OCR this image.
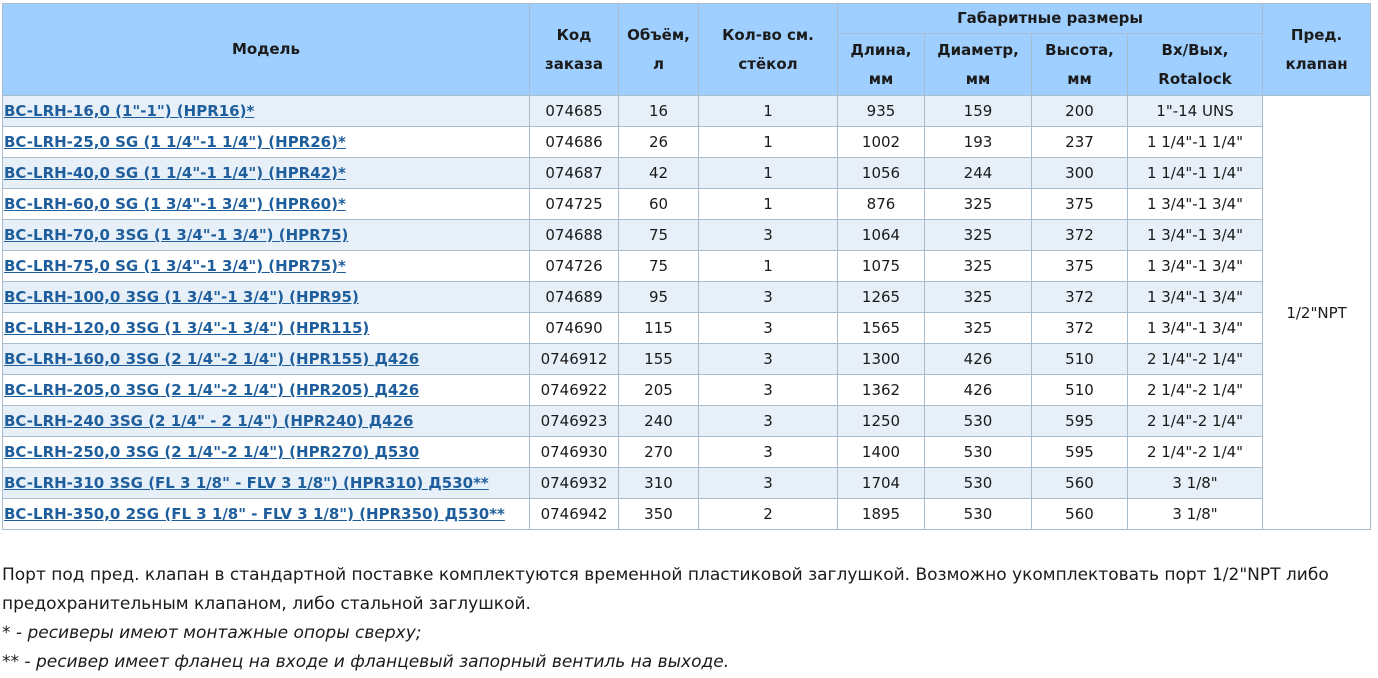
Модель	Код заказа	Объём, л	Кол-во см. стёкол	Габаритные размеры				Пред. клапан
				Длина, мм	Диаметр, мм	Высота, мм	Вх/Вых, Rotalock	
BC-LRH-16,0 (1"-1") (HPR16)*	074685	16	1	935	159	200	1"-14 UNS	1/2"NPT
BC-LRH-25,0 SG (1 1/4"-1 1/4") (HPR26)*	074686	26	1	1002	193	237	1 1/4"-1 1/4"	
BC-LRH-40,0 SG (1 1/4"-1 1/4") (HPR42)*	074687	42	1	1056	244	300	1 1/4"-1 1/4"	
BC-LRH-60,0 SG (1 3/4"-1 3/4") (HPR60)*	074725	60	1	876	325	375	1 3/4"-1 3/4"	
BC-LRH-70,0 3SG (1 3/4"-1 3/4") (HPR75)	074688	75	3	1064	325	372	1 3/4"-1 3/4"	
BC-LRH-75,0 SG (1 3/4"-1 3/4") (HPR75)*	074726	75	1	1075	325	375	1 3/4"-1 3/4"	
BC-LRH-100,0 3SG (1 3/4"-1 3/4") (HPR95)	074689	95	3	1265	325	372	1 3/4"-1 3/4"	
BC-LRH-120,0 3SG (1 3/4"-1 3/4") (HPR115)	074690	115	3	1565	325	372	1 3/4"-1 3/4"	
BC-LRH-160,0 3SG (2 1/4"-2 1/4") (HPR155) Д426	0746912	155	3	1300	426	510	2 1/4"-2 1/4"	
BC-LRH-205,0 3SG (2 1/4"-2 1/4") (HPR205) Д426	0746922	205	3	1362	426	510	2 1/4"-2 1/4"	
BC-LRH-240 3SG (2 1/4" - 2 1/4") (HPR240) Д426	0746923	240	3	1250	530	595	2 1/4"-2 1/4"	
BC-LRH-250,0 3SG (2 1/4"-2 1/4") (HPR270) Д530	0746930	270	3	1400	530	595	2 1/4"-2 1/4"	
BC-LRH-310 3SG (FL 3 1/8" - FLV 3 1/8") (HPR310) Д530**	0746932	310	3	1704	530	560	3 1/8"	
BC-LRH-350,0 2SG (FL 3 1/8" - FLV 3 1/8") (HPR350) Д530**	0746942	350	2	1895	530	560	3 1/8"	

Порт под пред. клапан в стандартной поставке комплектуются временной пластиковой заглушкой. Возможно укомплектовать порт 1/2"NPT либо предохранительным клапаном, либо стальной заглушкой.

* - ресиверы имеют монтажные опоры сверху;

** - ресивер имеет фланец на входе и фланцевый запорный вентиль на выходе.
